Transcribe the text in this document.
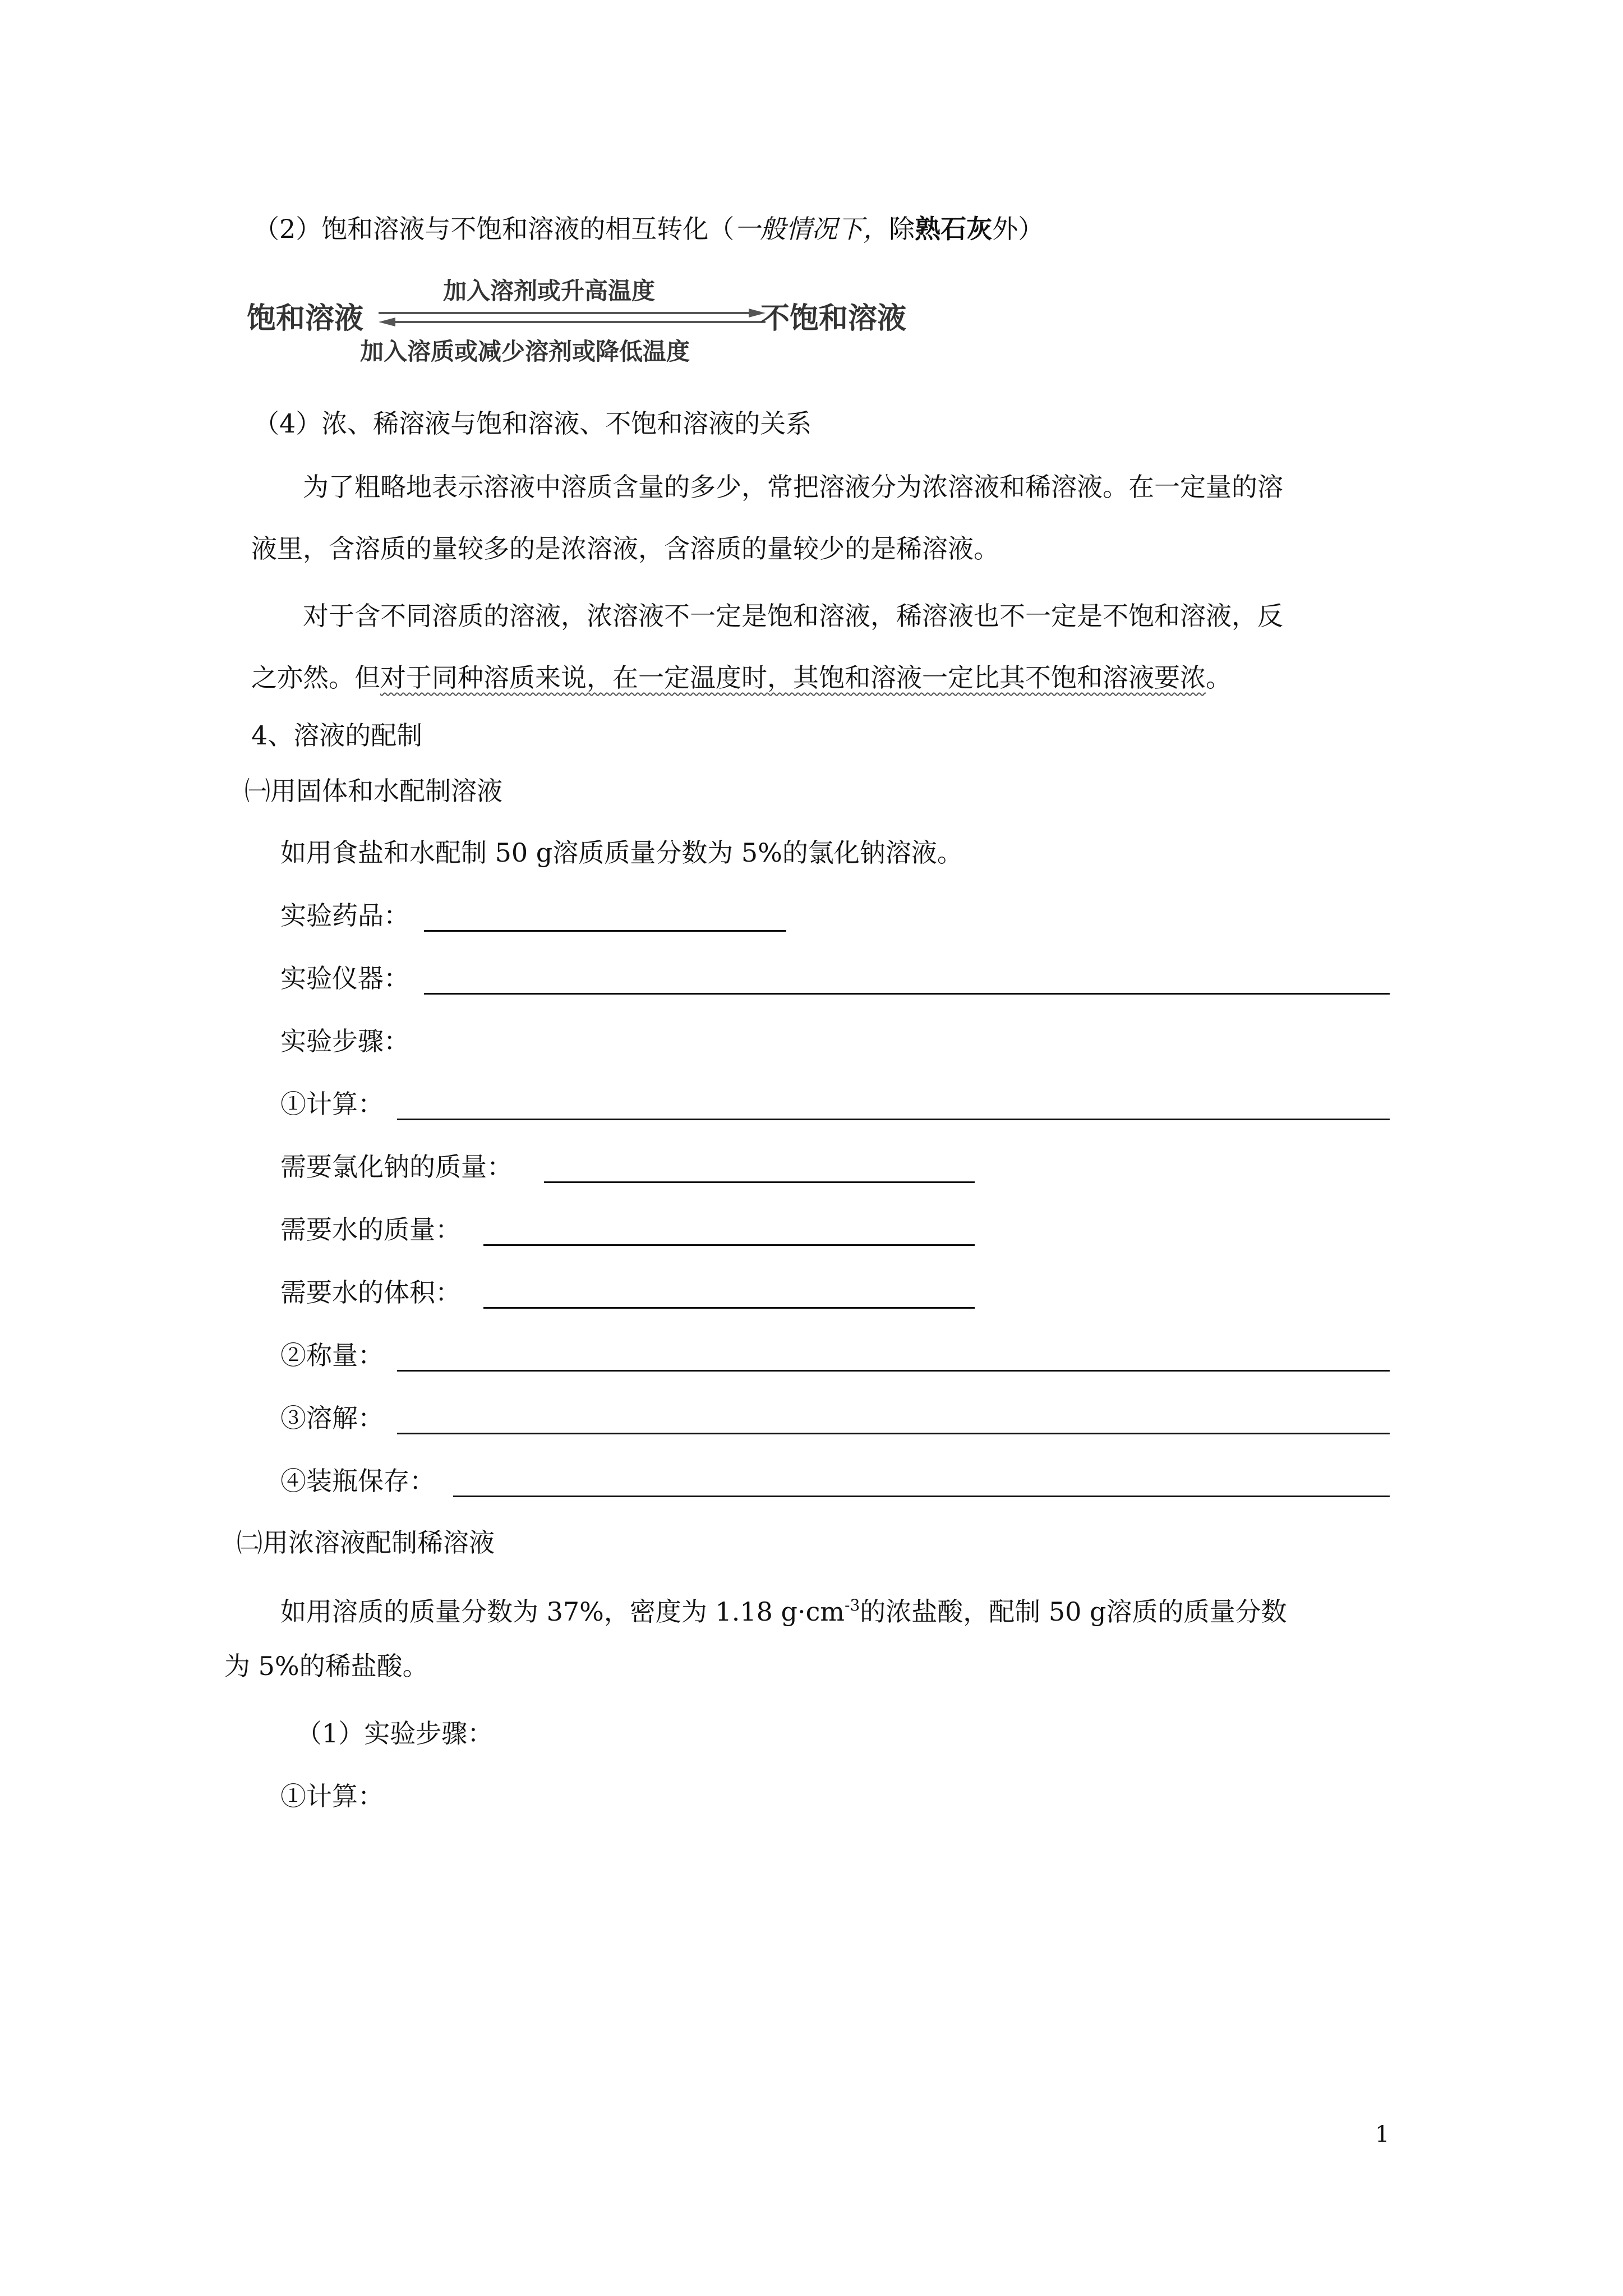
（2）饱和溶液与不饱和溶液的相互转化（一般情况下，除熟石灰外）
饱和溶液
加入溶剂或升高温度
不饱和溶液
加入溶质或减少溶剂或降低温度
（4）浓、稀溶液与饱和溶液、不饱和溶液的关系
为了粗略地表示溶液中溶质含量的多少，常把溶液分为浓溶液和稀溶液。在一定量的溶
液里，含溶质的量较多的是浓溶液，含溶质的量较少的是稀溶液。
对于含不同溶质的溶液，浓溶液不一定是饱和溶液，稀溶液也不一定是不饱和溶液，反
之亦然。但对于同种溶质来说，在一定温度时，其饱和溶液一定比其不饱和溶液要浓。
4、溶液的配制
㈠用固体和水配制溶液
如用食盐和水配制 50 g溶质质量分数为 5%的氯化钠溶液。
实验药品：
实验仪器：
实验步骤：
①计算：
需要氯化钠的质量：
需要水的质量：
需要水的体积：
②称量：
③溶解：
④装瓶保存：
㈡用浓溶液配制稀溶液
如用溶质的质量分数为 37%，密度为 1.18 $g\cdot cm^{-3}$的浓盐酸，配制 50 g溶质的质量分数
为 5%的稀盐酸。
（1）实验步骤：
①计算：
1
